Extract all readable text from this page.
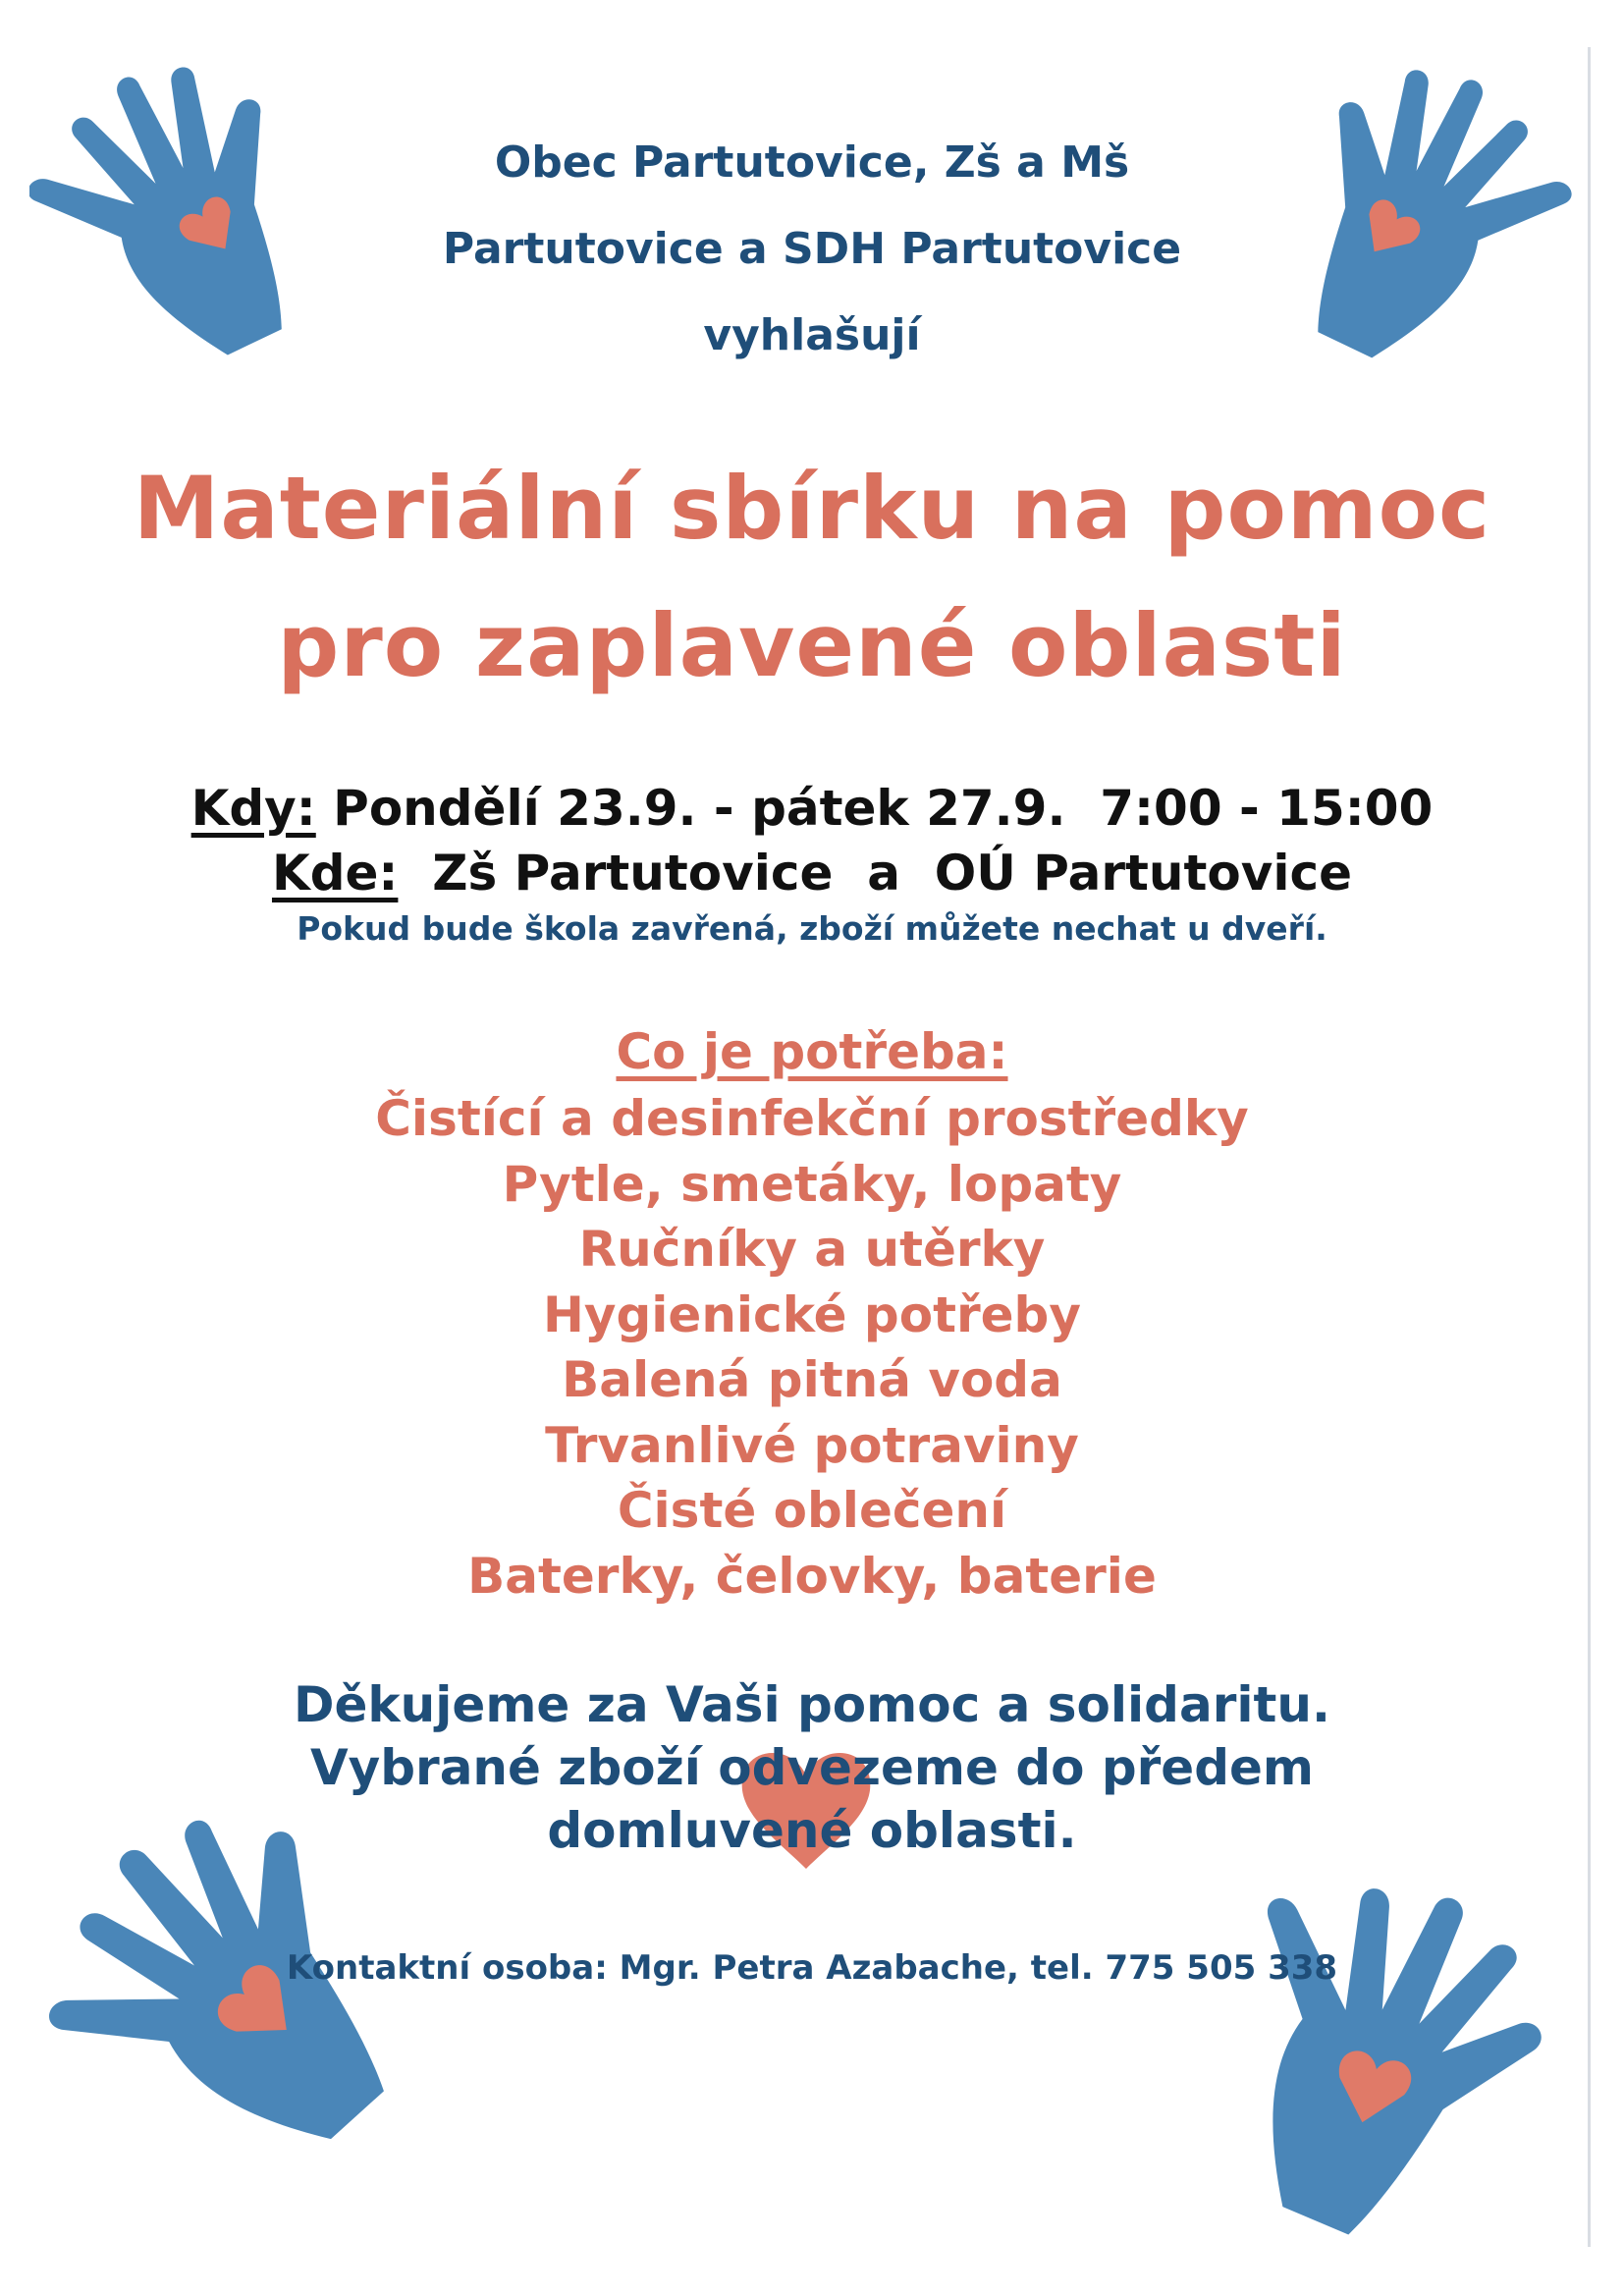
Obec Partutovice, Zš a Mš
Partutovice a SDH Partutovice
vyhlašují
Materiální sbírku na pomoc
pro zaplavené oblasti
Kdy: Pondělí 23.9. - pátek 27.9.  7:00 - 15:00
Kde:  Zš Partutovice  a  OÚ Partutovice
Pokud bude škola zavřená, zboží můžete nechat u dveří.
Co je potřeba:
Čistící a desinfekční prostředky
Pytle, smetáky, lopaty
Ručníky a utěrky
Hygienické potřeby
Balená pitná voda
Trvanlivé potraviny
Čisté oblečení
Baterky, čelovky, baterie
Děkujeme za Vaši pomoc a solidaritu.
Vybrané zboží odvezeme do předem
domluvené oblasti.
Kontaktní osoba: Mgr. Petra Azabache, tel. 775 505 338
